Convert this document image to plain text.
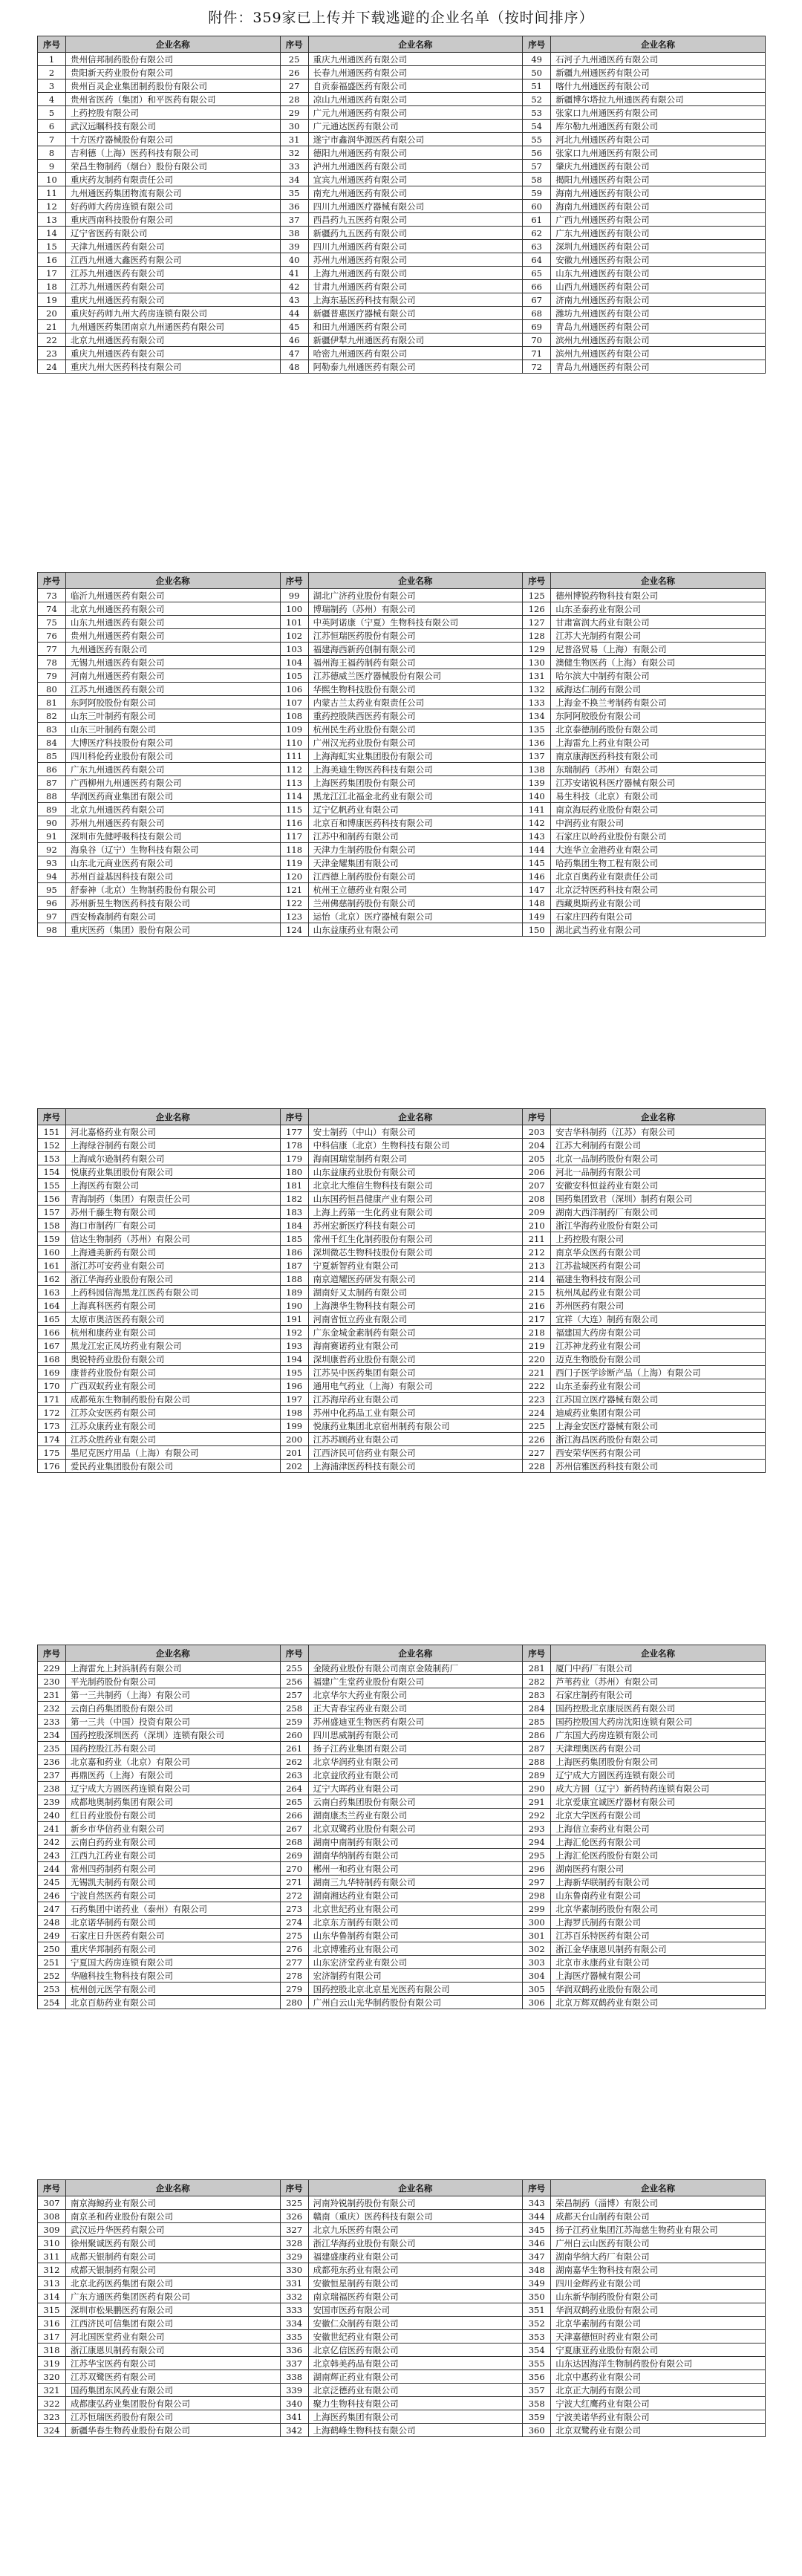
附件：359家已上传并下载逃避的企业名单（按时间排序）
序号	企业名称	序号	企业名称	序号	企业名称
1	贵州信邦制药股份有限公司	25	重庆九州通医药有限公司	49	石河子九州通医药有限公司
2	贵阳新天药业股份有限公司	26	长春九州通医药有限公司	50	新疆九州通医药有限公司
3	贵州百灵企业集团制药股份有限公司	27	自贡泰福盛医药有限公司	51	喀什九州通医药有限公司
4	贵州省医药（集团）和平医药有限公司	28	凉山九州通医药有限公司	52	新疆博尔塔拉九州通医药有限公司
5	上药控股有限公司	29	广元九州通医药有限公司	53	张家口九州通医药有限公司
6	武汉远瞩科技有限公司	30	广元通达医药有限公司	54	库尔勒九州通医药有限公司
7	十方医疗器械股份有限公司	31	遂宁市鑫润华源医药有限公司	55	河北九州通医药有限公司
8	吉利德（上海）医药科技有限公司	32	德阳九州通医药有限公司	56	张家口九州通医药有限公司
9	荣昌生物制药（烟台）股份有限公司	33	泸州九州通医药有限公司	57	肇庆九州通医药有限公司
10	重庆药友制药有限责任公司	34	宜宾九州通医药有限公司	58	揭阳九州通医药有限公司
11	九州通医药集团物流有限公司	35	南充九州通医药有限公司	59	海南九州通医药有限公司
12	好药师大药房连锁有限公司	36	四川九州通医疗器械有限公司	60	海南九州通医药有限公司
13	重庆西南科技股份有限公司	37	西昌药九五医药有限公司	61	广西九州通医药有限公司
14	辽宁省医药有限公司	38	新疆药九五医药有限公司	62	广东九州通医药有限公司
15	天津九州通医药有限公司	39	四川九州通医药有限公司	63	深圳九州通医药有限公司
16	江西九州通大鑫医药有限公司	40	苏州九州通医药有限公司	64	安徽九州通医药有限公司
17	江苏九州通医药有限公司	41	上海九州通医药有限公司	65	山东九州通医药有限公司
18	江苏九州通医药有限公司	42	甘肃九州通医药有限公司	66	山西九州通医药有限公司
19	重庆九州通医药有限公司	43	上海东基医药科技有限公司	67	济南九州通医药有限公司
20	重庆好药师九州大药房连锁有限公司	44	新疆普惠医疗器械有限公司	68	潍坊九州通医药有限公司
21	九州通医药集团南京九州通医药有限公司	45	和田九州通医药有限公司	69	青岛九州通医药有限公司
22	北京九州通医药有限公司	46	新疆伊犁九州通医药有限公司	70	滨州九州通医药有限公司
23	重庆九州通医药有限公司	47	哈密九州通医药有限公司	71	滨州九州通医药有限公司
24	重庆九州大医药科技有限公司	48	阿勒泰九州通医药有限公司	72	青岛九州通医药有限公司
序号	企业名称	序号	企业名称	序号	企业名称
73	临沂九州通医药有限公司	99	湖北广济药业股份有限公司	125	德州博锐药物科技有限公司
74	北京九州通医药有限公司	100	博瑞制药（苏州）有限公司	126	山东圣泰药业有限公司
75	山东九州通医药有限公司	101	中英阿诺康（宁夏）生物科技有限公司	127	甘肃富润大药业有限公司
76	贵州九州通医药有限公司	102	江苏恒瑞医药股份有限公司	128	江苏大光制药有限公司
77	九州通医药有限公司	103	福建海西新药创制有限公司	129	尼普洛贸易（上海）有限公司
78	无锡九州通医药有限公司	104	福州海王福药制药有限公司	130	澳健生物医药（上海）有限公司
79	河南九州通医药有限公司	105	江苏德威兰医疗器械股份有限公司	131	哈尔滨大中制药有限公司
80	江苏九州通医药有限公司	106	华熙生物科技股份有限公司	132	威海达仁制药有限公司
81	东阿阿胶股份有限公司	107	内蒙古兰太药业有限责任公司	133	上海金不换兰考制药有限公司
82	山东三叶制药有限公司	108	重药控股陕西医药有限公司	134	东阿阿胶股份有限公司
83	山东三叶制药有限公司	109	杭州民生药业股份有限公司	135	北京泰德制药股份有限公司
84	大博医疗科技股份有限公司	110	广州汉光药业股份有限公司	136	上海雷允上药业有限公司
85	四川科伦药业股份有限公司	111	上海海虹实业集团股份有限公司	137	南京康海医药科技有限公司
86	广东九州通医药有限公司	112	上海美迪生物医药科技有限公司	138	东瑞制药（苏州）有限公司
87	广西柳州九州通医药有限公司	113	上海医药集团股份有限公司	139	江苏安诺锐科医疗器械有限公司
88	华润医药商业集团有限公司	114	黑龙江江北福金北药业有限公司	140	易生科技（北京）有限公司
89	北京九州通医药有限公司	115	辽宁亿帆药业有限公司	141	南京海辰药业股份有限公司
90	苏州九州通医药有限公司	116	北京百和博康医药科技有限公司	142	中润药业有限公司
91	深圳市先健呼吸科技有限公司	117	江苏中和制药有限公司	143	石家庄以岭药业股份有限公司
92	海泉谷（辽宁）生物科技有限公司	118	天津力生制药股份有限公司	144	大连华立金港药业有限公司
93	山东北元商业医药有限公司	119	天津金耀集团有限公司	145	哈药集团生物工程有限公司
94	苏州百益基因科技有限公司	120	江西德上制药股份有限公司	146	北京百奥药业有限责任公司
95	舒泰神（北京）生物制药股份有限公司	121	杭州王立德药业有限公司	147	北京泛特医药科技有限公司
96	苏州新昱生物医药科技有限公司	122	兰州佛慈制药股份有限公司	148	西藏奥斯药业有限公司
97	西安杨森制药有限公司	123	运怡（北京）医疗器械有限公司	149	石家庄四药有限公司
98	重庆医药（集团）股份有限公司	124	山东益康药业有限公司	150	湖北武当药业有限公司
序号	企业名称	序号	企业名称	序号	企业名称
151	河北嘉格药业有限公司	177	安士制药（中山）有限公司	203	安吉华科制药（江苏）有限公司
152	上海绿谷制药有限公司	178	中科信康（北京）生物科技有限公司	204	江苏大利制药有限公司
153	上海威尔逊制药有限公司	179	海南国瑞堂制药有限公司	205	北京一品制药股份有限公司
154	悦康药业集团股份有限公司	180	山东益康药业股份有限公司	206	河北一品制药有限公司
155	上海医药有限公司	181	北京北大维信生物科技有限公司	207	安徽安科恒益药业有限公司
156	青海制药（集团）有限责任公司	182	山东国药恒昌健康产业有限公司	208	国药集团致君（深圳）制药有限公司
157	苏州千藤生物有限公司	183	上海上药第一生化药业有限公司	209	湖南大西洋制药厂有限公司
158	海口市制药厂有限公司	184	苏州宏新医疗科技有限公司	210	浙江华海药业股份有限公司
159	信达生物制药（苏州）有限公司	185	常州千红生化制药股份有限公司	211	上药控股有限公司
160	上海通美新药有限公司	186	深圳微芯生物科技股份有限公司	212	南京华众医药有限公司
161	浙江苏可安药业有限公司	187	宁夏新智药业有限公司	213	江苏盐城医药有限公司
162	浙江华海药业股份有限公司	188	南京道耀医药研发有限公司	214	福建生物科技有限公司
163	上药科园信海黑龙江医药有限公司	189	湖南好又太制药有限公司	215	杭州凤起药业有限公司
164	上海真科医药有限公司	190	上海澳华生物科技有限公司	216	苏州医药有限公司
165	太原市奥洁医药有限公司	191	河南省恒立药业有限公司	217	宜祥（大连）制药有限公司
166	杭州和康药业有限公司	192	广东金城金素制药有限公司	218	福建国大药房有限公司
167	黑龙江宏正凤坊药业有限公司	193	海南赛诺药业有限公司	219	江苏神龙药业有限公司
168	奥锐特药业股份有限公司	194	深圳康哲药业股份有限公司	220	迈克生物股份有限公司
169	康普药业股份有限公司	195	江苏吴中医药集团有限公司	221	西门子医学诊断产品（上海）有限公司
170	广西双蚁药业有限公司	196	通用电气药业（上海）有限公司	222	山东圣泰药业有限公司
171	成都苑东生物制药股份有限公司	197	江苏海岸药业有限公司	223	江苏国立医疗器械有限公司
172	江苏众安医药有限公司	198	苏州中化药品工业有限公司	224	迪威药业集团有限公司
173	江苏众康药业有限公司	199	悦康药业集团北京宿州制药有限公司	225	上海金安医疗器械有限公司
174	江苏众胜药业有限公司	200	江苏苏顾药业有限公司	226	浙江海昌医药股份有限公司
175	墨尼克医疗用品（上海）有限公司	201	江西济民可信药业有限公司	227	西安荣华医药有限公司
176	爱民药业集团股份有限公司	202	上海浦津医药科技有限公司	228	苏州信雅医药科技有限公司
序号	企业名称	序号	企业名称	序号	企业名称
229	上海雷允上封浜制药有限公司	255	金陵药业股份有限公司南京金陵制药厂	281	厦门中药厂有限公司
230	平光制药股份有限公司	256	福建广生堂药业股份有限公司	282	芦苇药业（苏州）有限公司
231	第一三共制药（上海）有限公司	257	北京华尔大药业有限公司	283	石家庄制药有限公司
232	云南白药集团股份有限公司	258	正大青春宝药业有限公司	284	国药控股北京康辰医药有限公司
233	第一三共（中国）投资有限公司	259	苏州盛迪亚生物医药有限公司	285	国药控股国大药房沈阳连锁有限公司
234	国药控股深圳医药（深圳）连锁有限公司	260	四川思威制药有限公司	286	广东国大药房连锁有限公司
235	国药控股江苏有限公司	261	扬子江药业集团有限公司	287	天津理奥医药有限公司
236	北京嘉和药业（北京）有限公司	262	北京华润药业有限公司	288	上海医药集团股份有限公司
237	再鼎医药（上海）有限公司	263	北京益欣药业有限公司	289	辽宁成大方圆医药连锁有限公司
238	辽宁成大方圆医药连锁有限公司	264	辽宁大晖药业有限公司	290	成大方圆（辽宁）新药特药连锁有限公司
239	成都地奥制药集团有限公司	265	云南白药集团股份有限公司	291	北京爱康宜诚医疗器材有限公司
240	红日药业股份有限公司	266	湖南康杰兰药业有限公司	292	北京大学医药有限公司
241	新乡市华信药业有限公司	267	北京双鹭药业股份有限公司	293	上海信立泰药业有限公司
242	云南白药药业有限公司	268	湖南中南制药有限公司	294	上海汇伦医药有限公司
243	江西九江药业有限公司	269	湖南华纳制药有限公司	295	上海汇伦医药股份有限公司
244	常州四药制药有限公司	270	郴州一和药业有限公司	296	湖南医药有限公司
245	无锡凯夫制药有限公司	271	湖南三九华特制药有限公司	297	上海新华联制药有限公司
246	宁波自然医药有限公司	272	湖南湘达药业有限公司	298	山东鲁南药业有限公司
247	石药集团中诺药业（泰州）有限公司	273	北京世纪药业有限公司	299	北京华素制药股份有限公司
248	北京诺华制药有限公司	274	北京东方制药有限公司	300	上海罗氏制药有限公司
249	石家庄日升医药有限公司	275	山东华鲁制药有限公司	301	江苏百乐特医药有限公司
250	重庆华邦制药有限公司	276	北京博雅药业有限公司	302	浙江金华康恩贝制药有限公司
251	宁夏国大药房连锁有限公司	277	山东宏济堂药业有限公司	303	北京市永康药业有限公司
252	华融科技生物科技有限公司	278	宏济制药有限公司	304	上海医疗器械有限公司
253	杭州创元医学有限公司	279	国药控股北京北京星光医药有限公司	305	华润双鹤药业股份有限公司
254	北京百舫药业有限公司	280	广州白云山光华制药股份有限公司	306	北京万辉双鹤药业有限公司
序号	企业名称	序号	企业名称	序号	企业名称
307	南京海鲸药业有限公司	325	河南羚锐制药股份有限公司	343	荣昌制药（淄博）有限公司
308	南京圣和药业股份有限公司	326	赣南（重庆）医药科技有限公司	344	成都天台山制药有限公司
309	武汉远丹华医药有限公司	327	北京九乐医药有限公司	345	扬子江药业集团江苏海慈生物药业有限公司
310	徐州聚诚医药有限公司	328	浙江华海药业股份有限公司	346	广州白云山医药有限公司
311	成都天银制药有限公司	329	福建盛康药业有限公司	347	湖南华纳大药厂有限公司
312	成都天银制药有限公司	330	成都苑东药业有限公司	348	湖南嘉华生物科技有限公司
313	北京北药医药集团有限公司	331	安徽恒星制药有限公司	349	四川金辉药业有限公司
314	广东方通医药集团医药有限公司	332	南京瑞福医药有限公司	350	山东新华制药股份有限公司
315	深圳市松果鹏医药有限公司	333	安国市医药有限公司	351	华润双鹤药业股份有限公司
316	江西济民可信集团有限公司	334	安徽仁众制药有限公司	352	北京华素制药有限公司
317	河北国医堂药业有限公司	335	安徽世纪药业有限公司	353	天津嘉德恒时药业有限公司
318	浙江康恩贝制药有限公司	336	北京亿信医药有限公司	354	宁夏康亚药业股份有限公司
319	江苏华宝医药有限公司	337	北京韩美药品有限公司	355	山东达因海洋生物制药股份有限公司
320	江苏双鹭医药有限公司	338	湖南辉正药业有限公司	356	北京中惠药业有限公司
321	国药集团东风药业有限公司	339	北京泛德药业有限公司	357	北京正大制药有限公司
322	成都康弘药业集团股份有限公司	340	聚力生物科技有限公司	358	宁波大红鹰药业有限公司
323	江苏恒瑞医药股份有限公司	341	上海医药集团有限公司	359	宁波美诺华药业有限公司
324	新疆华春生物药业股份有限公司	342	上海鹤峰生物科技有限公司	360	北京双鹭药业有限公司
